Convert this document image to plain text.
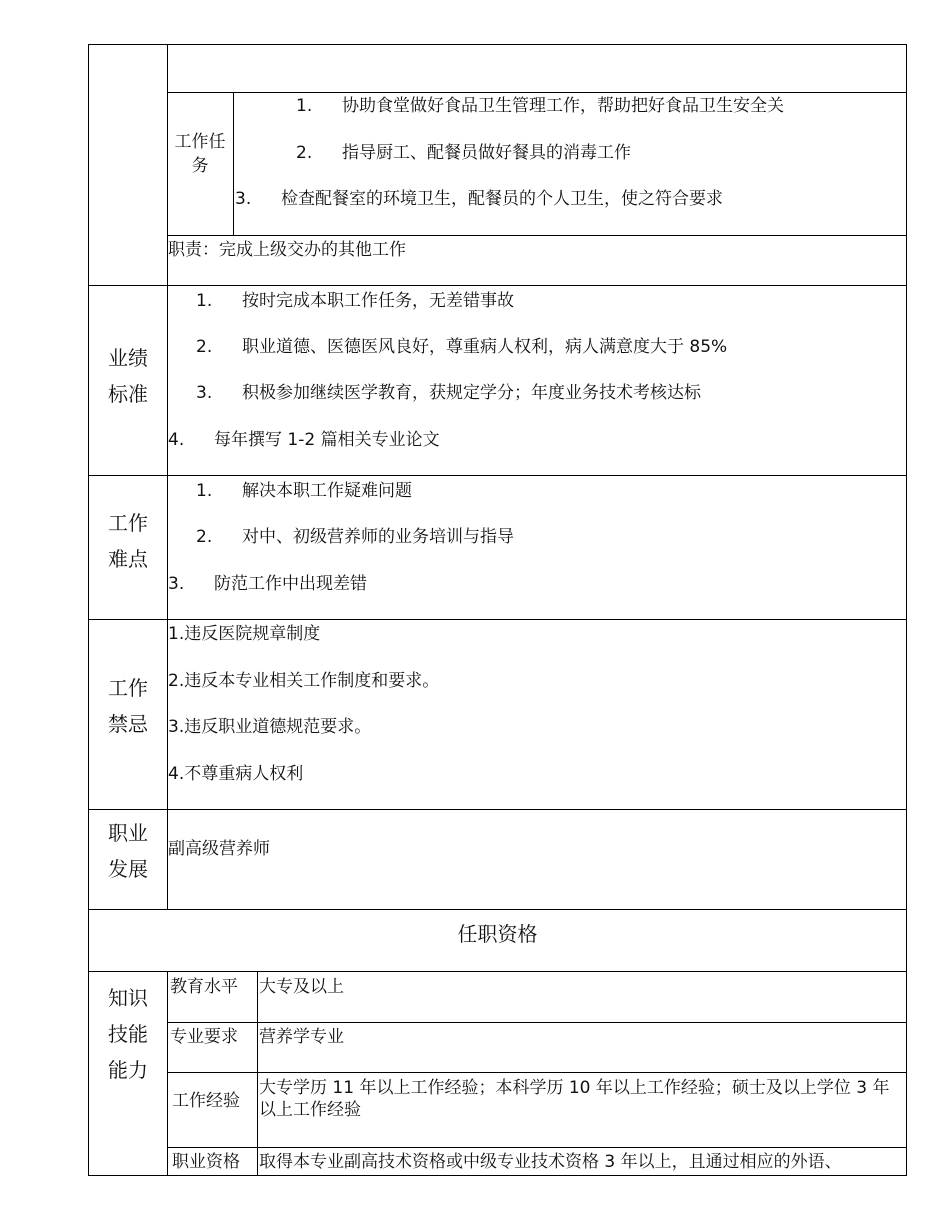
工作任
务
1. 协助食堂做好食品卫生管理工作，帮助把好食品卫生安全关
2. 指导厨工、配餐员做好餐具的消毒工作
3. 检查配餐室的环境卫生，配餐员的个人卫生，使之符合要求
职责：完成上级交办的其他工作
业绩
标准
1. 按时完成本职工作任务，无差错事故
2. 职业道德、医德医风良好，尊重病人权利，病人满意度大于 85%
3. 积极参加继续医学教育，获规定学分；年度业务技术考核达标
4. 每年撰写 1-2 篇相关专业论文
工作
难点
1. 解决本职工作疑难问题
2. 对中、初级营养师的业务培训与指导
3. 防范工作中出现差错
工作
禁忌
1.违反医院规章制度
2.违反本专业相关工作制度和要求。
3.违反职业道德规范要求。
4.不尊重病人权利
职业
发展
副高级营养师
任职资格
知识
技能
能力
教育水平 大专及以上
专业要求 营养学专业
工作经验
大专学历 11 年以上工作经验；本科学历 10 年以上工作经验；硕士及以上学位 3 年以上工作经验
职业资格 取得本专业副高技术资格或中级专业技术资格 3 年以上，且通过相应的外语、
